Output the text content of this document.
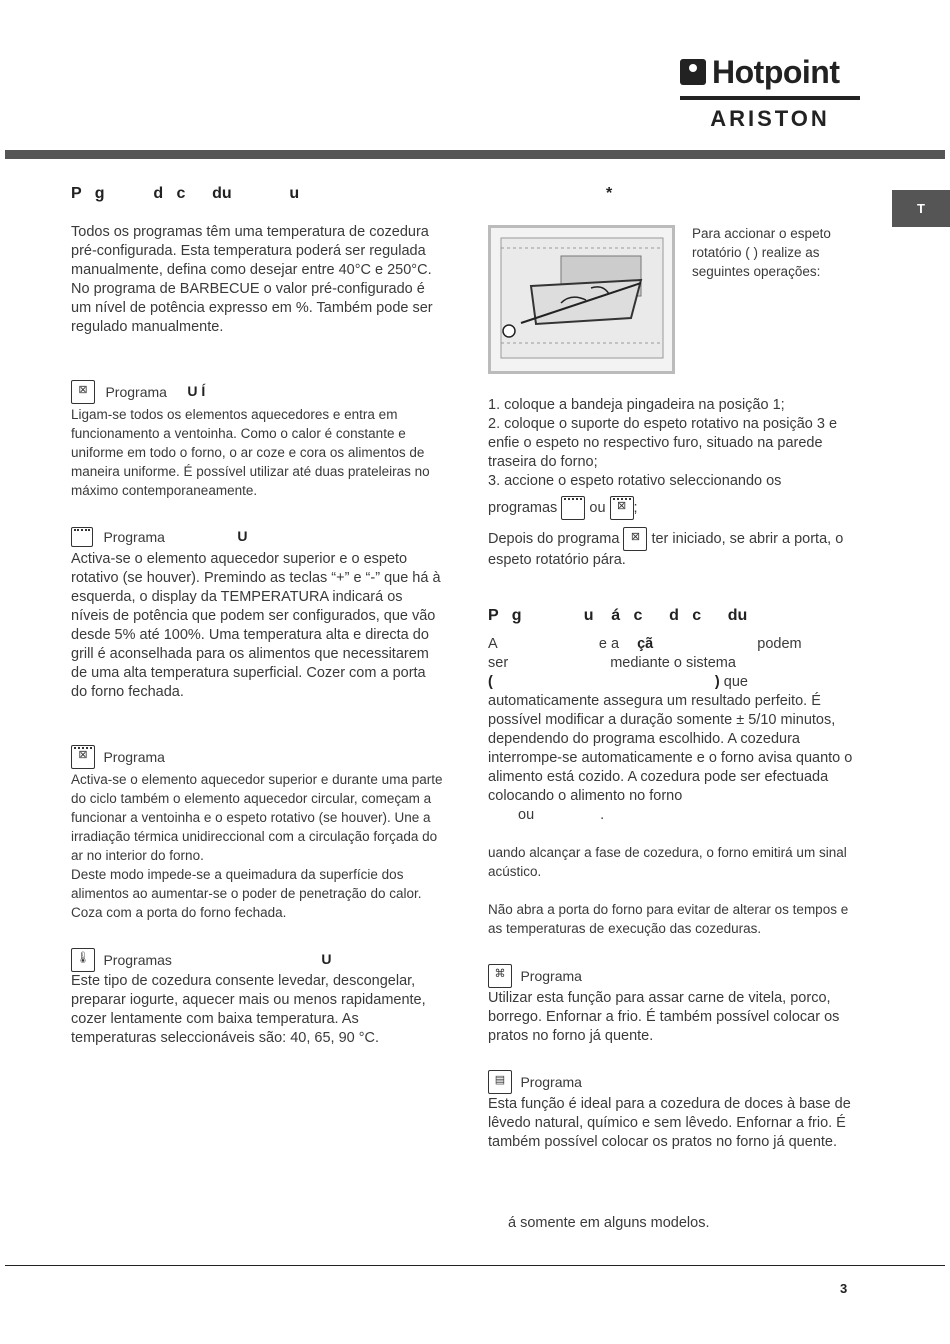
Hotpoint
ARISTON
T
P   g           d   c      du             u
Todos os programas têm uma temperatura de cozedura pré-configurada. Esta temperatura poderá ser regulada manualmente, defina como desejar entre 40°C e 250°C.
No programa de BARBECUE o valor pré-configurado é um nível de potência expresso em %. Também pode ser regulado manualmente.
⊠ Programa U Í
Ligam-se todos os elementos aquecedores e entra em funcionamento a ventoinha. Como o calor é constante e uniforme em todo o forno, o ar coze e cora os alimentos de maneira uniforme. É possível utilizar até duas prateleiras no máximo contemporaneamente.
Programa	U
Activa-se o elemento aquecedor superior e o espeto rotativo (se houver). Premindo as teclas “+” e “-” que há à esquerda, o display da TEMPERATURA indicará os níveis de potência que podem ser configurados, que vão desde 5% até 100%. Uma temperatura alta e directa do grill é aconselhada para os alimentos que necessitarem de uma alta temperatura superficial. Cozer com a porta do forno fechada.
⊠ Programa
Activa-se o elemento aquecedor superior e durante uma parte do ciclo também o elemento aquecedor circular, começam a funcionar a ventoinha e o espeto rotativo (se houver). Une a irradiação térmica unidireccional com a circulação forçada do ar no interior do forno.
Deste modo impede-se a queimadura da superfície dos alimentos ao aumentar-se o poder de penetração do calor. Coza com a porta do forno fechada.
🌡 Programas	U
Este tipo de cozedura consente levedar, descongelar, preparar iogurte, aquecer mais ou menos rapidamente, cozer lentamente com baixa temperatura. As temperaturas seleccionáveis são: 40, 65, 90 °C.
*
Para accionar o espeto rotatório ( ) realize as seguintes operações:
1. coloque a bandeja pingadeira na posição 1;
2. coloque o suporte do espeto rotativo na posição 3 e enfie o espeto no respectivo furo, situado na parede traseira do forno;
3. accione o espeto rotativo seleccionando os
programas ou ⊠ ;
Depois do programa ⊠ ter iniciado, se abrir a porta, o espeto rotatório pára.
P   g              u    á   c      d   c      du
A	e a çã	podem
ser	mediante o sistema
(	) que
automaticamente assegura um resultado perfeito. É possível modificar a duração somente ± 5/10 minutos, dependendo do programa escolhido. A cozedura interrompe-se automaticamente e o forno avisa quanto o alimento está cozido. A cozedura pode ser efectuada colocando o alimento no forno
ou	.
uando alcançar a fase de cozedura, o forno emitirá um sinal acústico.
Não abra a porta do forno para evitar de alterar os tempos e as temperaturas de execução das cozeduras.
⌘ Programa
Utilizar esta função para assar carne de vitela, porco, borrego. Enfornar a frio. É também possível colocar os pratos no forno já quente.
▤ Programa
Esta função é ideal para a cozedura de doces à base de lêvedo natural, químico e sem lêvedo. Enfornar a frio. É também possível colocar os pratos no forno já quente.
á somente em alguns modelos.
3
